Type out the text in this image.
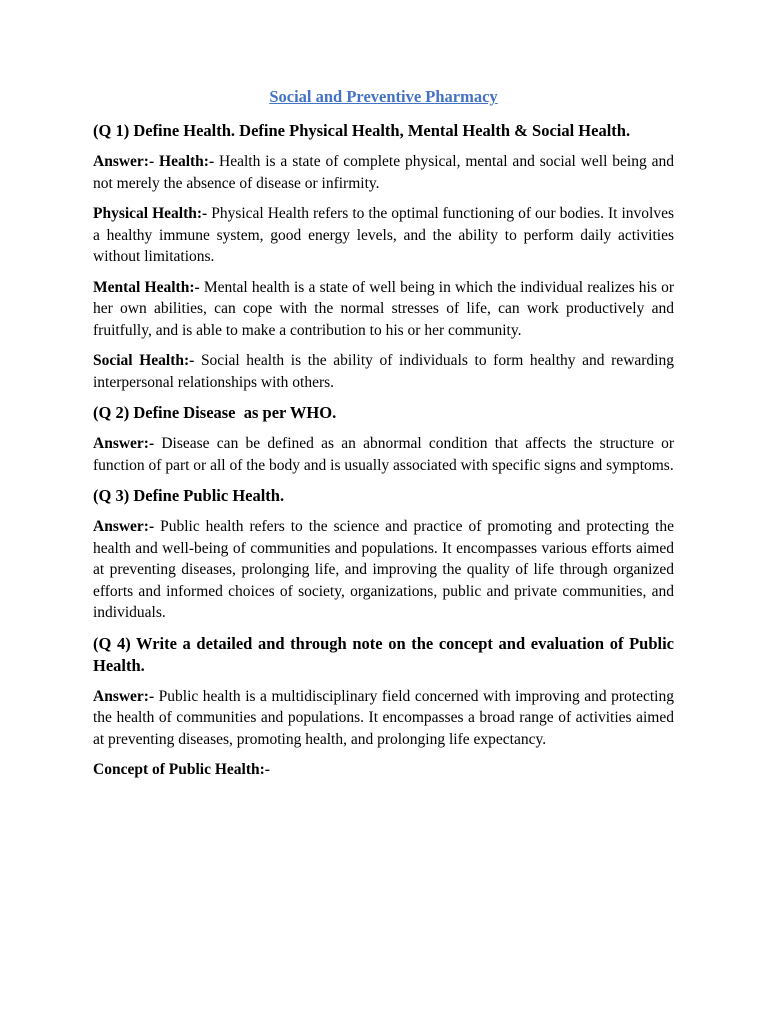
Social and Preventive Pharmacy
(Q 1) Define Health. Define Physical Health, Mental Health & Social Health.

Answer:- Health:- Health is a state of complete physical, mental and social well being and not merely the absence of disease or infirmity.

Physical Health:- Physical Health refers to the optimal functioning of our bodies. It involves a healthy immune system, good energy levels, and the ability to perform daily activities without limitations.

Mental Health:- Mental health is a state of well being in which the individual realizes his or her own abilities, can cope with the normal stresses of life, can work productively and fruitfully, and is able to make a contribution to his or her community.

Social Health:- Social health is the ability of individuals to form healthy and rewarding interpersonal relationships with others.

(Q 2) Define Disease  as per WHO.

Answer:- Disease can be defined as an abnormal condition that affects the structure or function of part or all of the body and is usually associated with specific signs and symptoms.

(Q 3) Define Public Health.

Answer:- Public health refers to the science and practice of promoting and protecting the health and well-being of communities and populations. It encompasses various efforts aimed at preventing diseases, prolonging life, and improving the quality of life through organized efforts and informed choices of society, organizations, public and private communities, and individuals.

(Q 4) Write a detailed and through note on the concept and evaluation of Public Health.

Answer:- Public health is a multidisciplinary field concerned with improving and protecting the health of communities and populations. It encompasses a broad range of activities aimed at preventing diseases, promoting health, and prolonging life expectancy.

Concept of Public Health:-
